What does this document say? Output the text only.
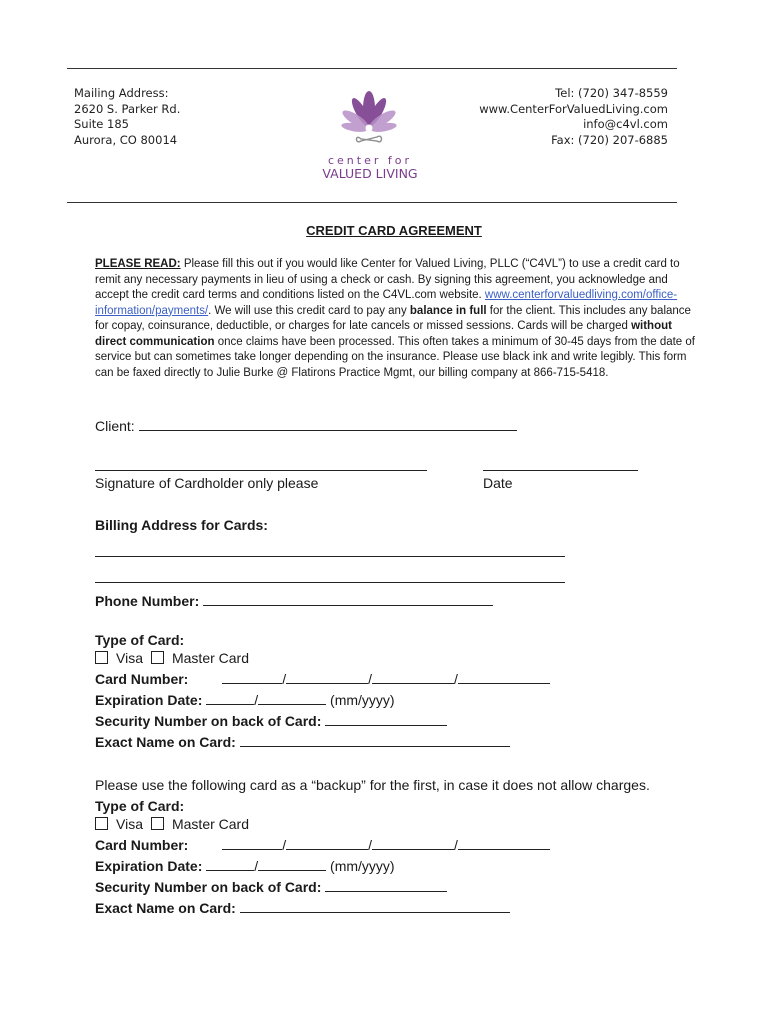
Mailing Address:
2620 S. Parker Rd.
Suite 185
Aurora, CO 80014
center for
VALUED LIVING
Tel: (720) 347-8559
www.CenterForValuedLiving.com
info@c4vl.com
Fax: (720) 207-6885
CREDIT CARD AGREEMENT
PLEASE READ: Please fill this out if you would like Center for Valued Living, PLLC (“C4VL”) to use a credit card to remit any necessary payments in lieu of using a check or cash. By signing this agreement, you acknowledge and accept the credit card terms and conditions listed on the C4VL.com website. www.centerforvaluedliving.com/office-information/payments/. We will use this credit card to pay any balance in full for the client. This includes any balance for copay, coinsurance, deductible, or charges for late cancels or missed sessions. Cards will be charged without direct communication once claims have been processed. This often takes a minimum of 30-45 days from the date of service but can sometimes take longer depending on the insurance. Please use black ink and write legibly. This form can be faxed directly to Julie Burke @ Flatirons Practice Mgmt, our billing company at 866-715-5418.
Client:
Signature of Cardholder only please	Date
Billing Address for Cards:
Phone Number:
Type of Card:
Visa Master Card
Card Number:	/	/	/
Expiration Date:	/	(mm/yyyy)
Security Number on back of Card:
Exact Name on Card:
Please use the following card as a “backup” for the first, in case it does not allow charges.
Type of Card:
Visa Master Card
Card Number:	/	/	/
Expiration Date:	/	(mm/yyyy)
Security Number on back of Card:
Exact Name on Card:
